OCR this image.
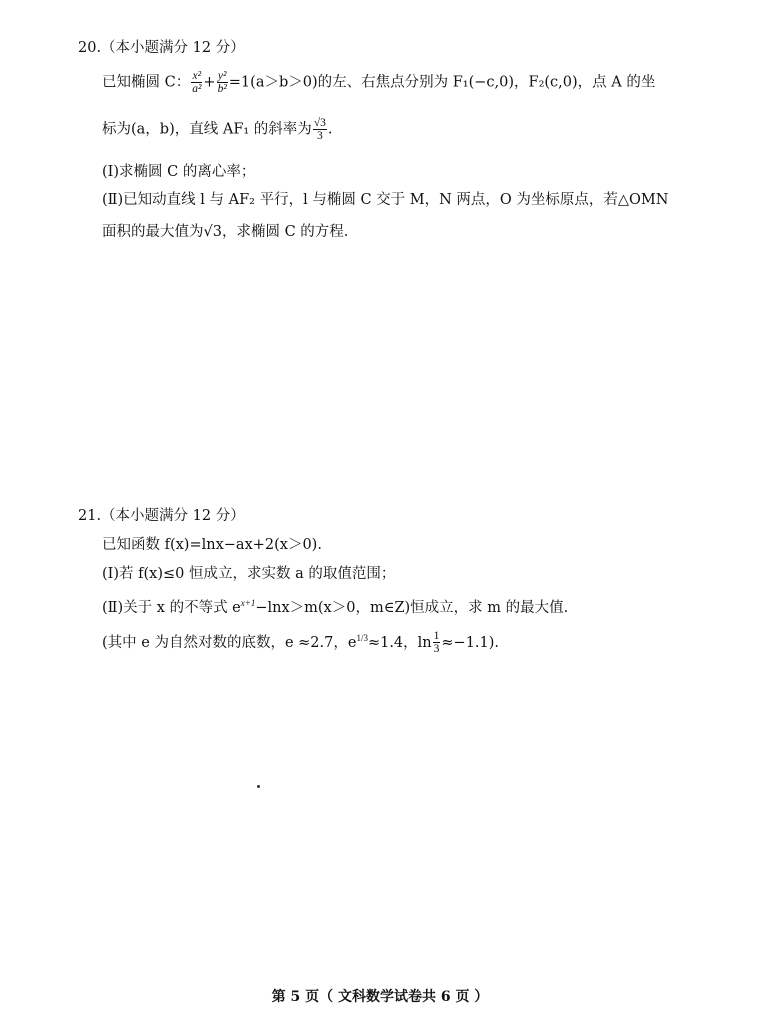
20.（本小题满分 12 分）
已知椭圆 C： $\frac{\text{x²}}{\text{a²}} + \frac{\text{y²}}{\text{b²}} =1(a>b>0)$的左、右焦点分别为 F₁(−c,0)，F₂(c,0)，点 A 的坐
标为(a，b)，直线 AF₁ 的斜率为 $\frac{√3}{3}$ .
(Ⅰ)求椭圆 C 的离心率；
(Ⅱ)已知动直线 l 与 AF₂ 平行，l 与椭圆 C 交于 M，N 两点，O 为坐标原点，若△OMN
面积的最大值为√3，求椭圆 C 的方程.
21.（本小题满分 12 分）
已知函数 f(x)=lnx−ax+2(x＞0).
(Ⅰ)若 f(x)≤0 恒成立，求实数 a 的取值范围；
(Ⅱ)关于 x 的不等式 $e^{x+1}-\ln x>m(x>0$，m∈Z)恒成立，求 m 的最大值.
(其中 e 为自然对数的底数，e ≈2.7，$e^{1/3}\approx 1.4$，$\ln \frac{1}{3} \approx-1.1$).
第 5 页（ 文科数学试卷共 6 页 ）
